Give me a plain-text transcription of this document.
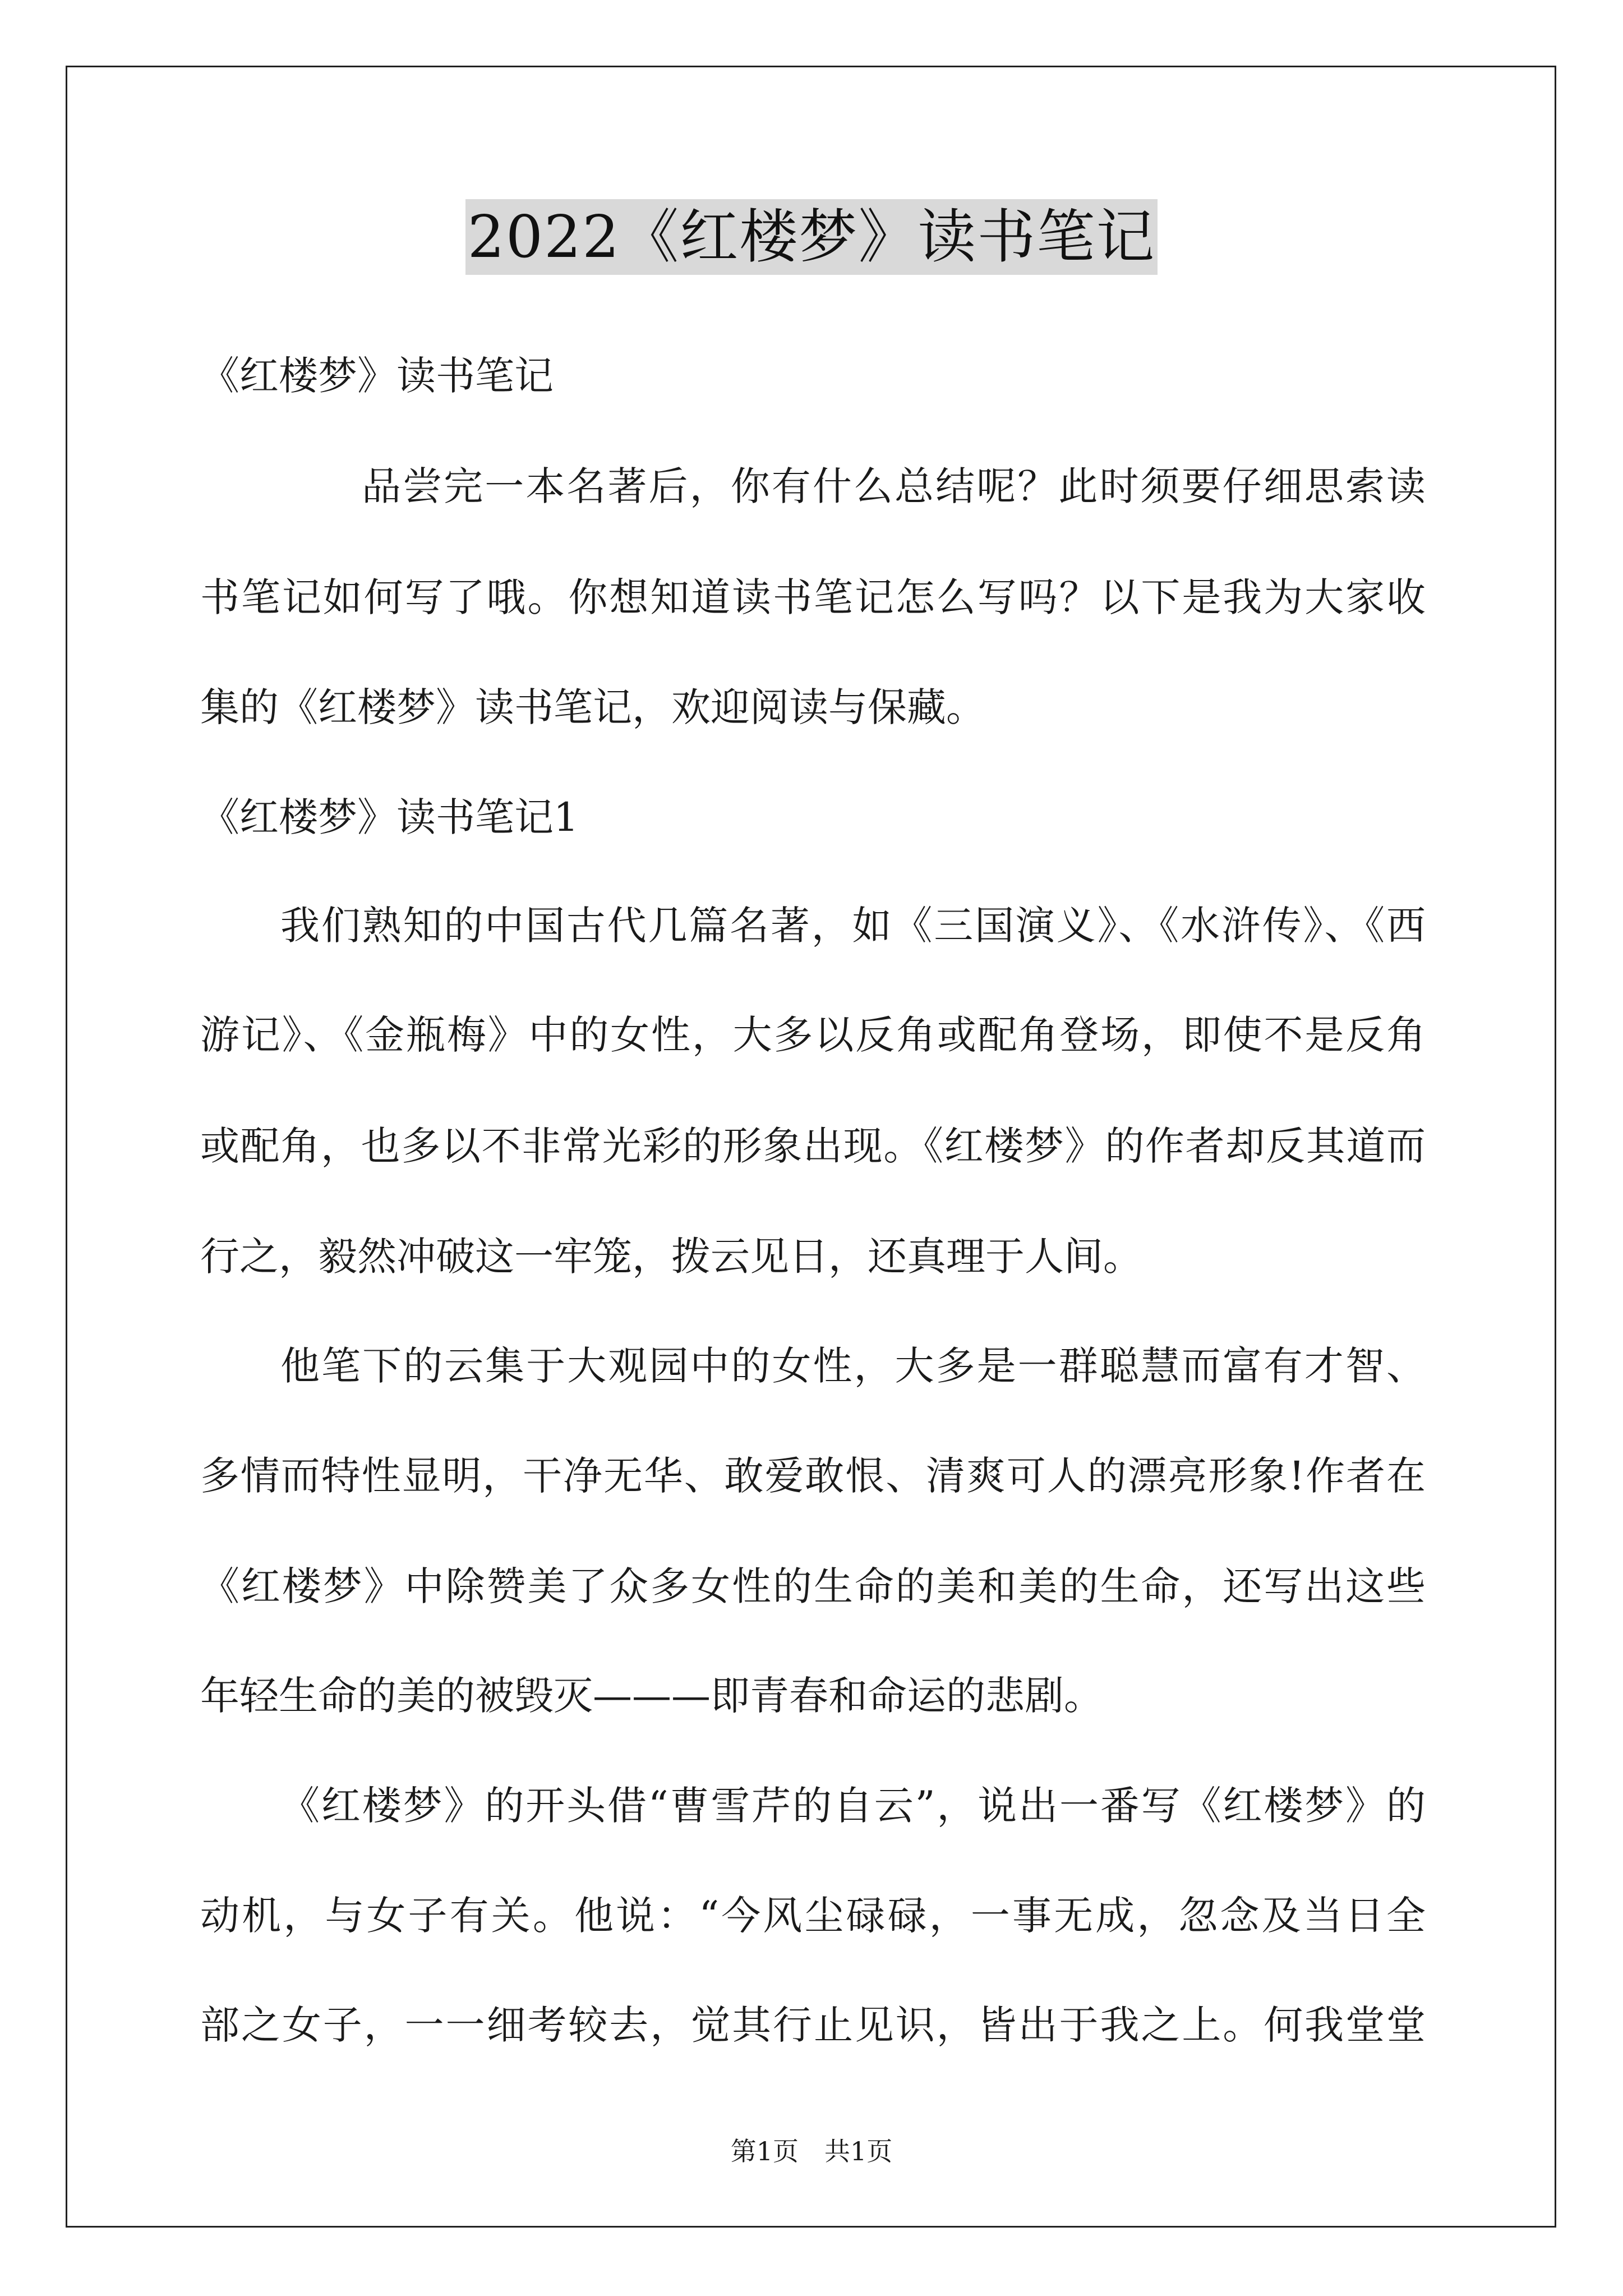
2022《红楼梦》读书笔记
《红楼梦》读书笔记
品尝完一本名著后，你有什么总结呢？此时须要仔细思索读
书笔记如何写了哦。你想知道读书笔记怎么写吗？以下是我为大家收
集的《红楼梦》读书笔记，欢迎阅读与保藏。
《红楼梦》读书笔记1
我们熟知的中国古代几篇名著，如《三国演义》、《水浒传》、《西
游记》、《金瓶梅》中的女性，大多以反角或配角登场，即使不是反角
或配角，也多以不非常光彩的形象出现。《红楼梦》的作者却反其道而
行之，毅然冲破这一牢笼，拨云见日，还真理于人间。
他笔下的云集于大观园中的女性，大多是一群聪慧而富有才智、
多情而特性显明，干净无华、敢爱敢恨、清爽可人的漂亮形象!作者在
《红楼梦》中除赞美了众多女性的生命的美和美的生命，还写出这些
年轻生命的美的被毁灭———即青春和命运的悲剧。
《红楼梦》的开头借“曹雪芹的自云”，说出一番写《红楼梦》的
动机，与女子有关。他说：“今风尘碌碌，一事无成，忽念及当日全
部之女子，一一细考较去，觉其行止见识，皆出于我之上。何我堂堂
第1页　共1页
